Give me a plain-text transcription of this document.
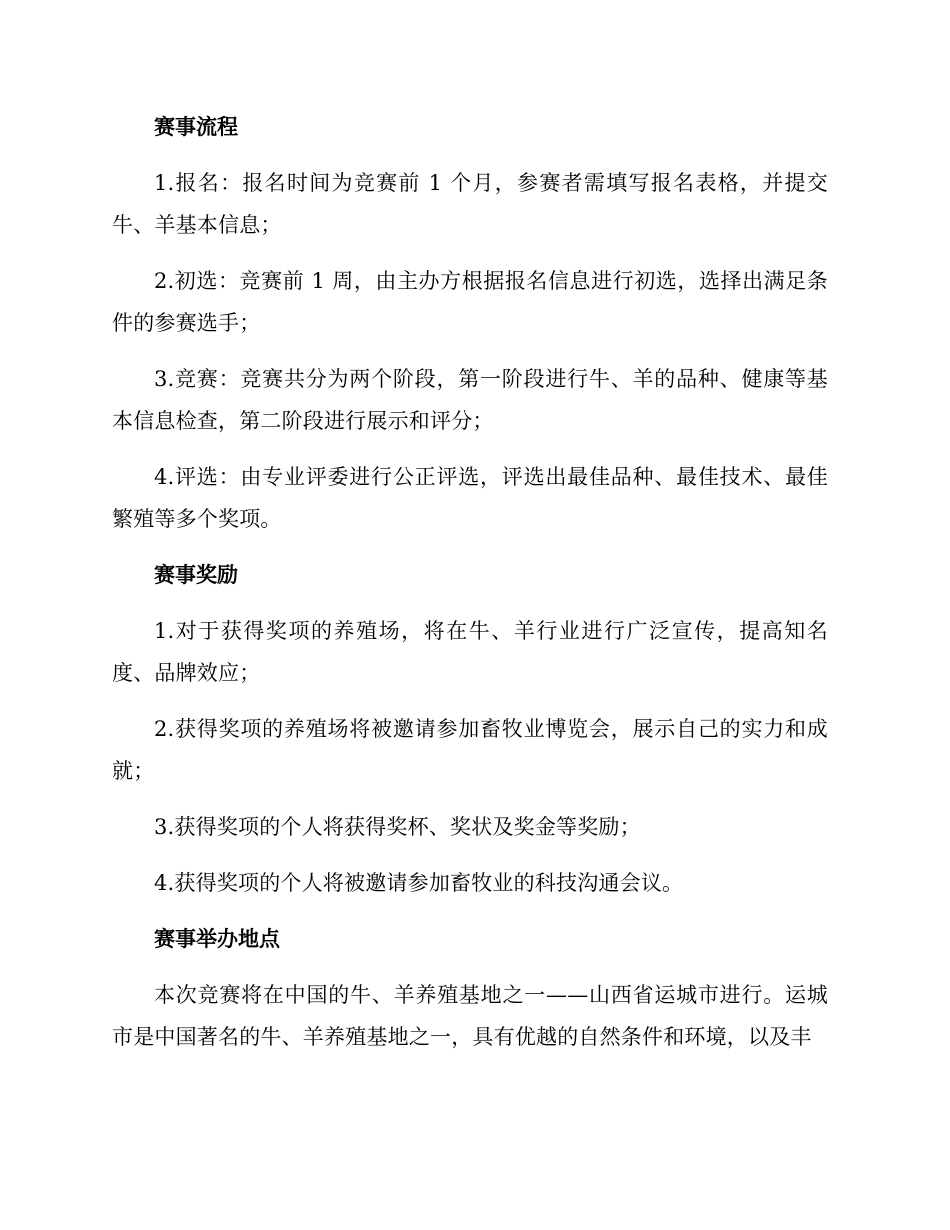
赛事流程

1.报名：报名时间为竞赛前 1 个月，参赛者需填写报名表格，并提交牛、羊基本信息；

2.初选：竞赛前 1 周，由主办方根据报名信息进行初选，选择出满足条件的参赛选手；

3.竞赛：竞赛共分为两个阶段，第一阶段进行牛、羊的品种、健康等基本信息检查，第二阶段进行展示和评分；

4.评选：由专业评委进行公正评选，评选出最佳品种、最佳技术、最佳繁殖等多个奖项。

赛事奖励

1.对于获得奖项的养殖场，将在牛、羊行业进行广泛宣传，提高知名度、品牌效应；

2.获得奖项的养殖场将被邀请参加畜牧业博览会，展示自己的实力和成就；

3.获得奖项的个人将获得奖杯、奖状及奖金等奖励；

4.获得奖项的个人将被邀请参加畜牧业的科技沟通会议。

赛事举办地点

本次竞赛将在中国的牛、羊养殖基地之一——山西省运城市进行。运城市是中国著名的牛、羊养殖基地之一，具有优越的自然条件和环境，以及丰
